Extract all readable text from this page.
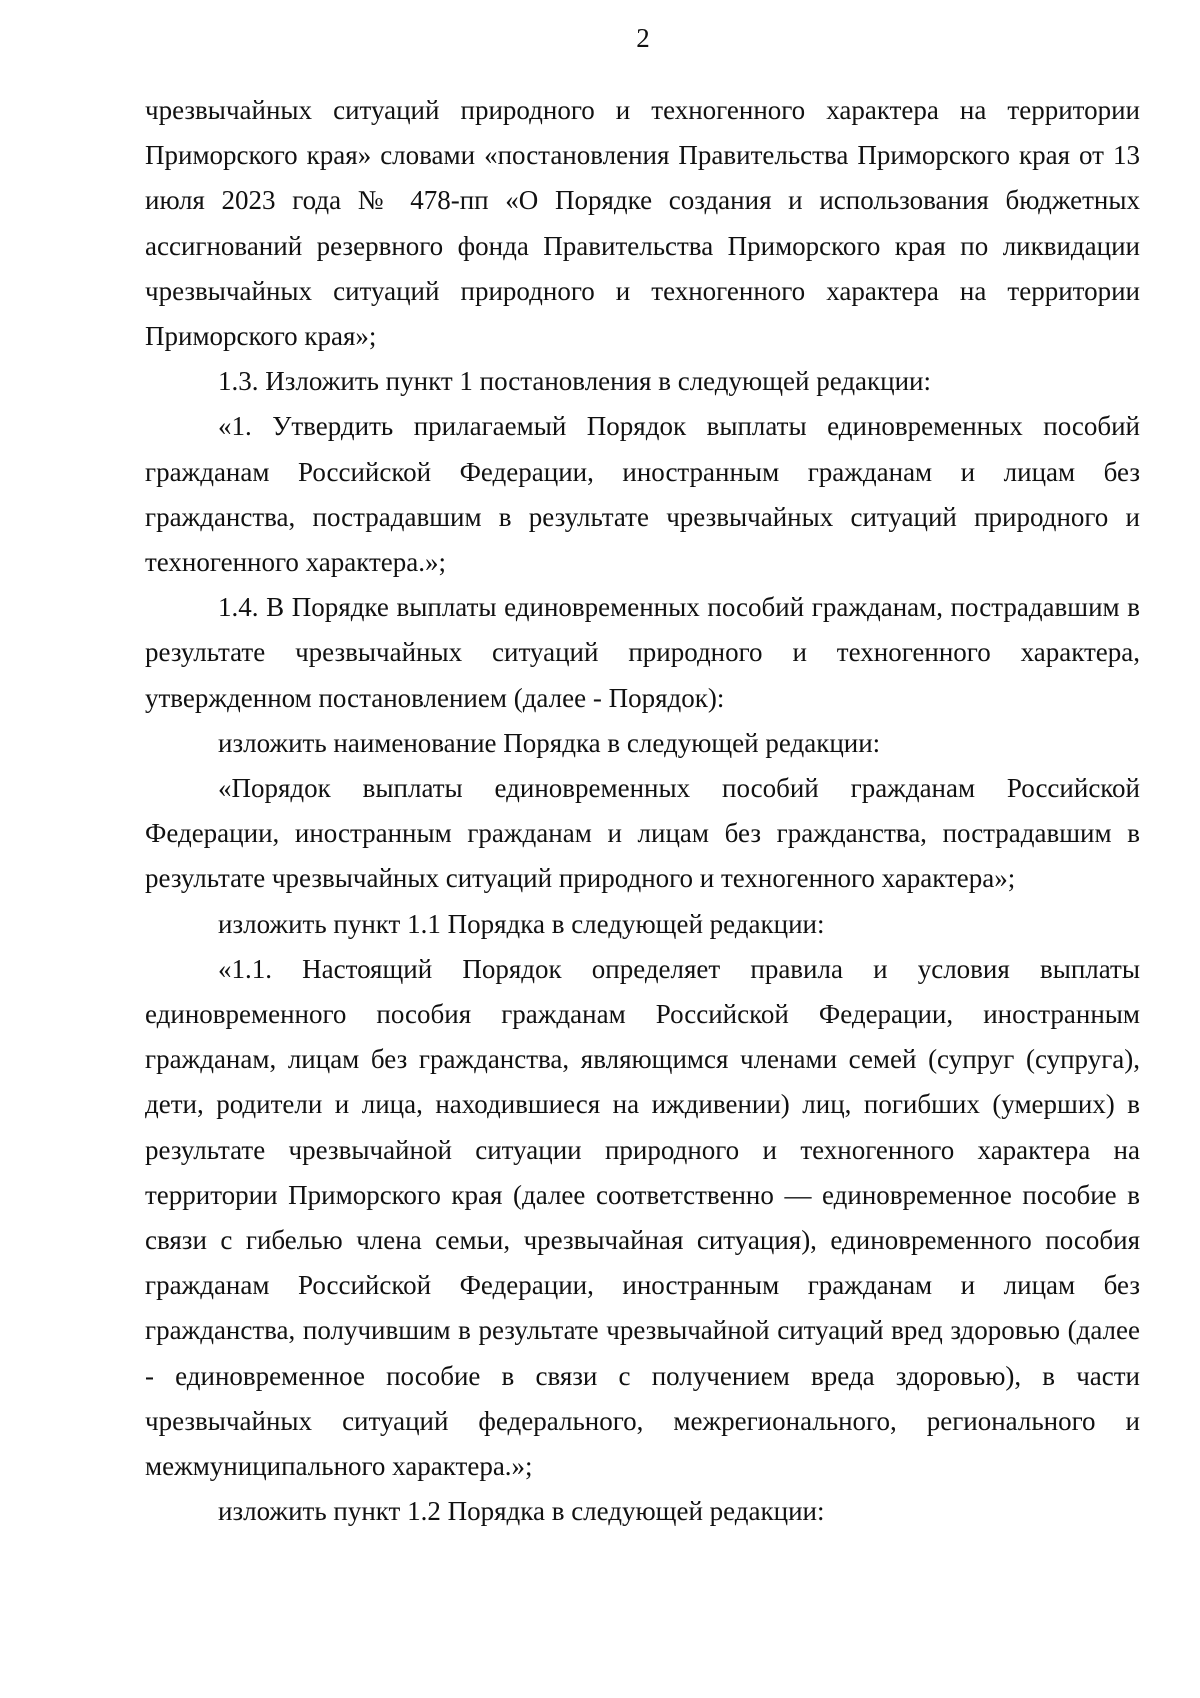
2

чрезвычайных ситуаций природного и техногенного характера на территории Приморского края» словами «постановления Правительства Приморского края от 13 июля 2023 года № 478-пп «О Порядке создания и использования бюджетных ассигнований резервного фонда Правительства Приморского края по ликвидации чрезвычайных ситуаций природного и техногенного характера на территории Приморского края»;

1.3. Изложить пункт 1 постановления в следующей редакции:

«1. Утвердить прилагаемый Порядок выплаты единовременных пособий гражданам Российской Федерации, иностранным гражданам и лицам без гражданства, пострадавшим в результате чрезвычайных ситуаций природного и техногенного характера.»;

1.4. В Порядке выплаты единовременных пособий гражданам, пострадавшим в результате чрезвычайных ситуаций природного и техногенного характера, утвержденном постановлением (далее - Порядок):

изложить наименование Порядка в следующей редакции:

«Порядок выплаты единовременных пособий гражданам Российской Федерации, иностранным гражданам и лицам без гражданства, пострадавшим в результате чрезвычайных ситуаций природного и техногенного характера»;

изложить пункт 1.1 Порядка в следующей редакции:

«1.1. Настоящий Порядок определяет правила и условия выплаты единовременного пособия гражданам Российской Федерации, иностранным гражданам, лицам без гражданства, являющимся членами семей (супруг (супруга), дети, родители и лица, находившиеся на иждивении) лиц, погибших (умерших) в результате чрезвычайной ситуации природного и техногенного характера на территории Приморского края (далее соответственно — единовременное пособие в связи с гибелью члена семьи, чрезвычайная ситуация), единовременного пособия гражданам Российской Федерации, иностранным гражданам и лицам без гражданства, получившим в результате чрезвычайной ситуаций вред здоровью (далее - единовременное пособие в связи с получением вреда здоровью), в части чрезвычайных ситуаций федерального, межрегионального, регионального и межмуниципального характера.»;

изложить пункт 1.2 Порядка в следующей редакции:
